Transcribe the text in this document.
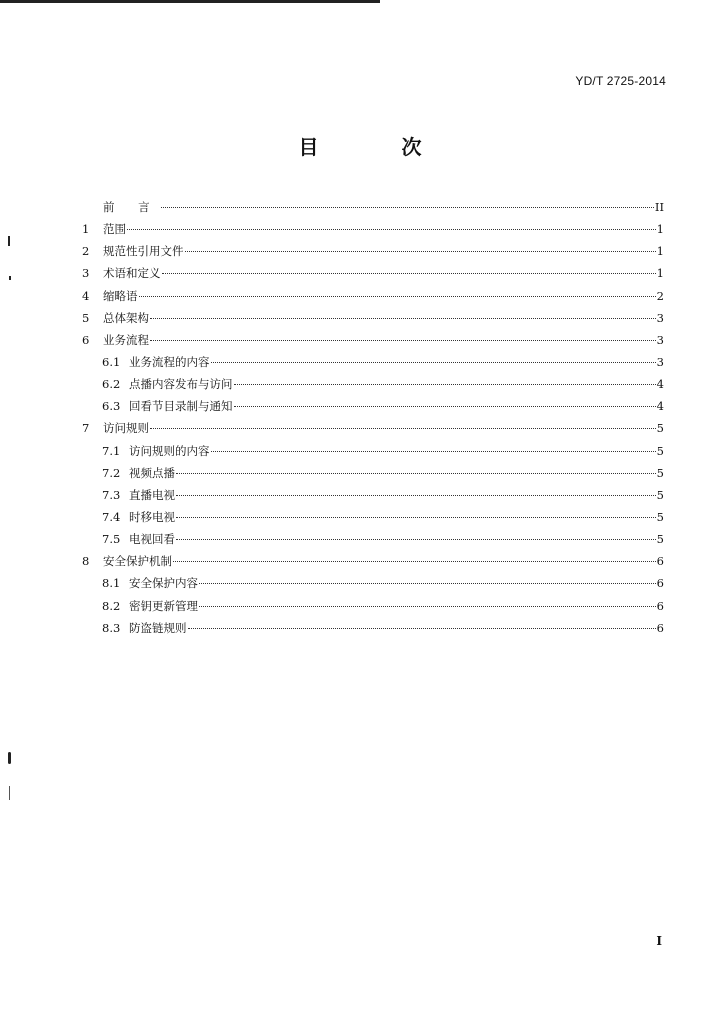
YD/T 2725-2014
目 次
前 言	II
1	范围	1
2	规范性引用文件	1
3	术语和定义	1
4	缩略语	2
5	总体架构	3
6	业务流程	3
6.1 业务流程的内容	3
6.2 点播内容发布与访问	4
6.3 回看节目录制与通知	4
7	访问规则	5
7.1 访问规则的内容	5
7.2 视频点播	5
7.3 直播电视	5
7.4 时移电视	5
7.5 电视回看	5
8	安全保护机制	6
8.1 安全保护内容	6
8.2 密钥更新管理	6
8.3 防盗链规则	6
I
